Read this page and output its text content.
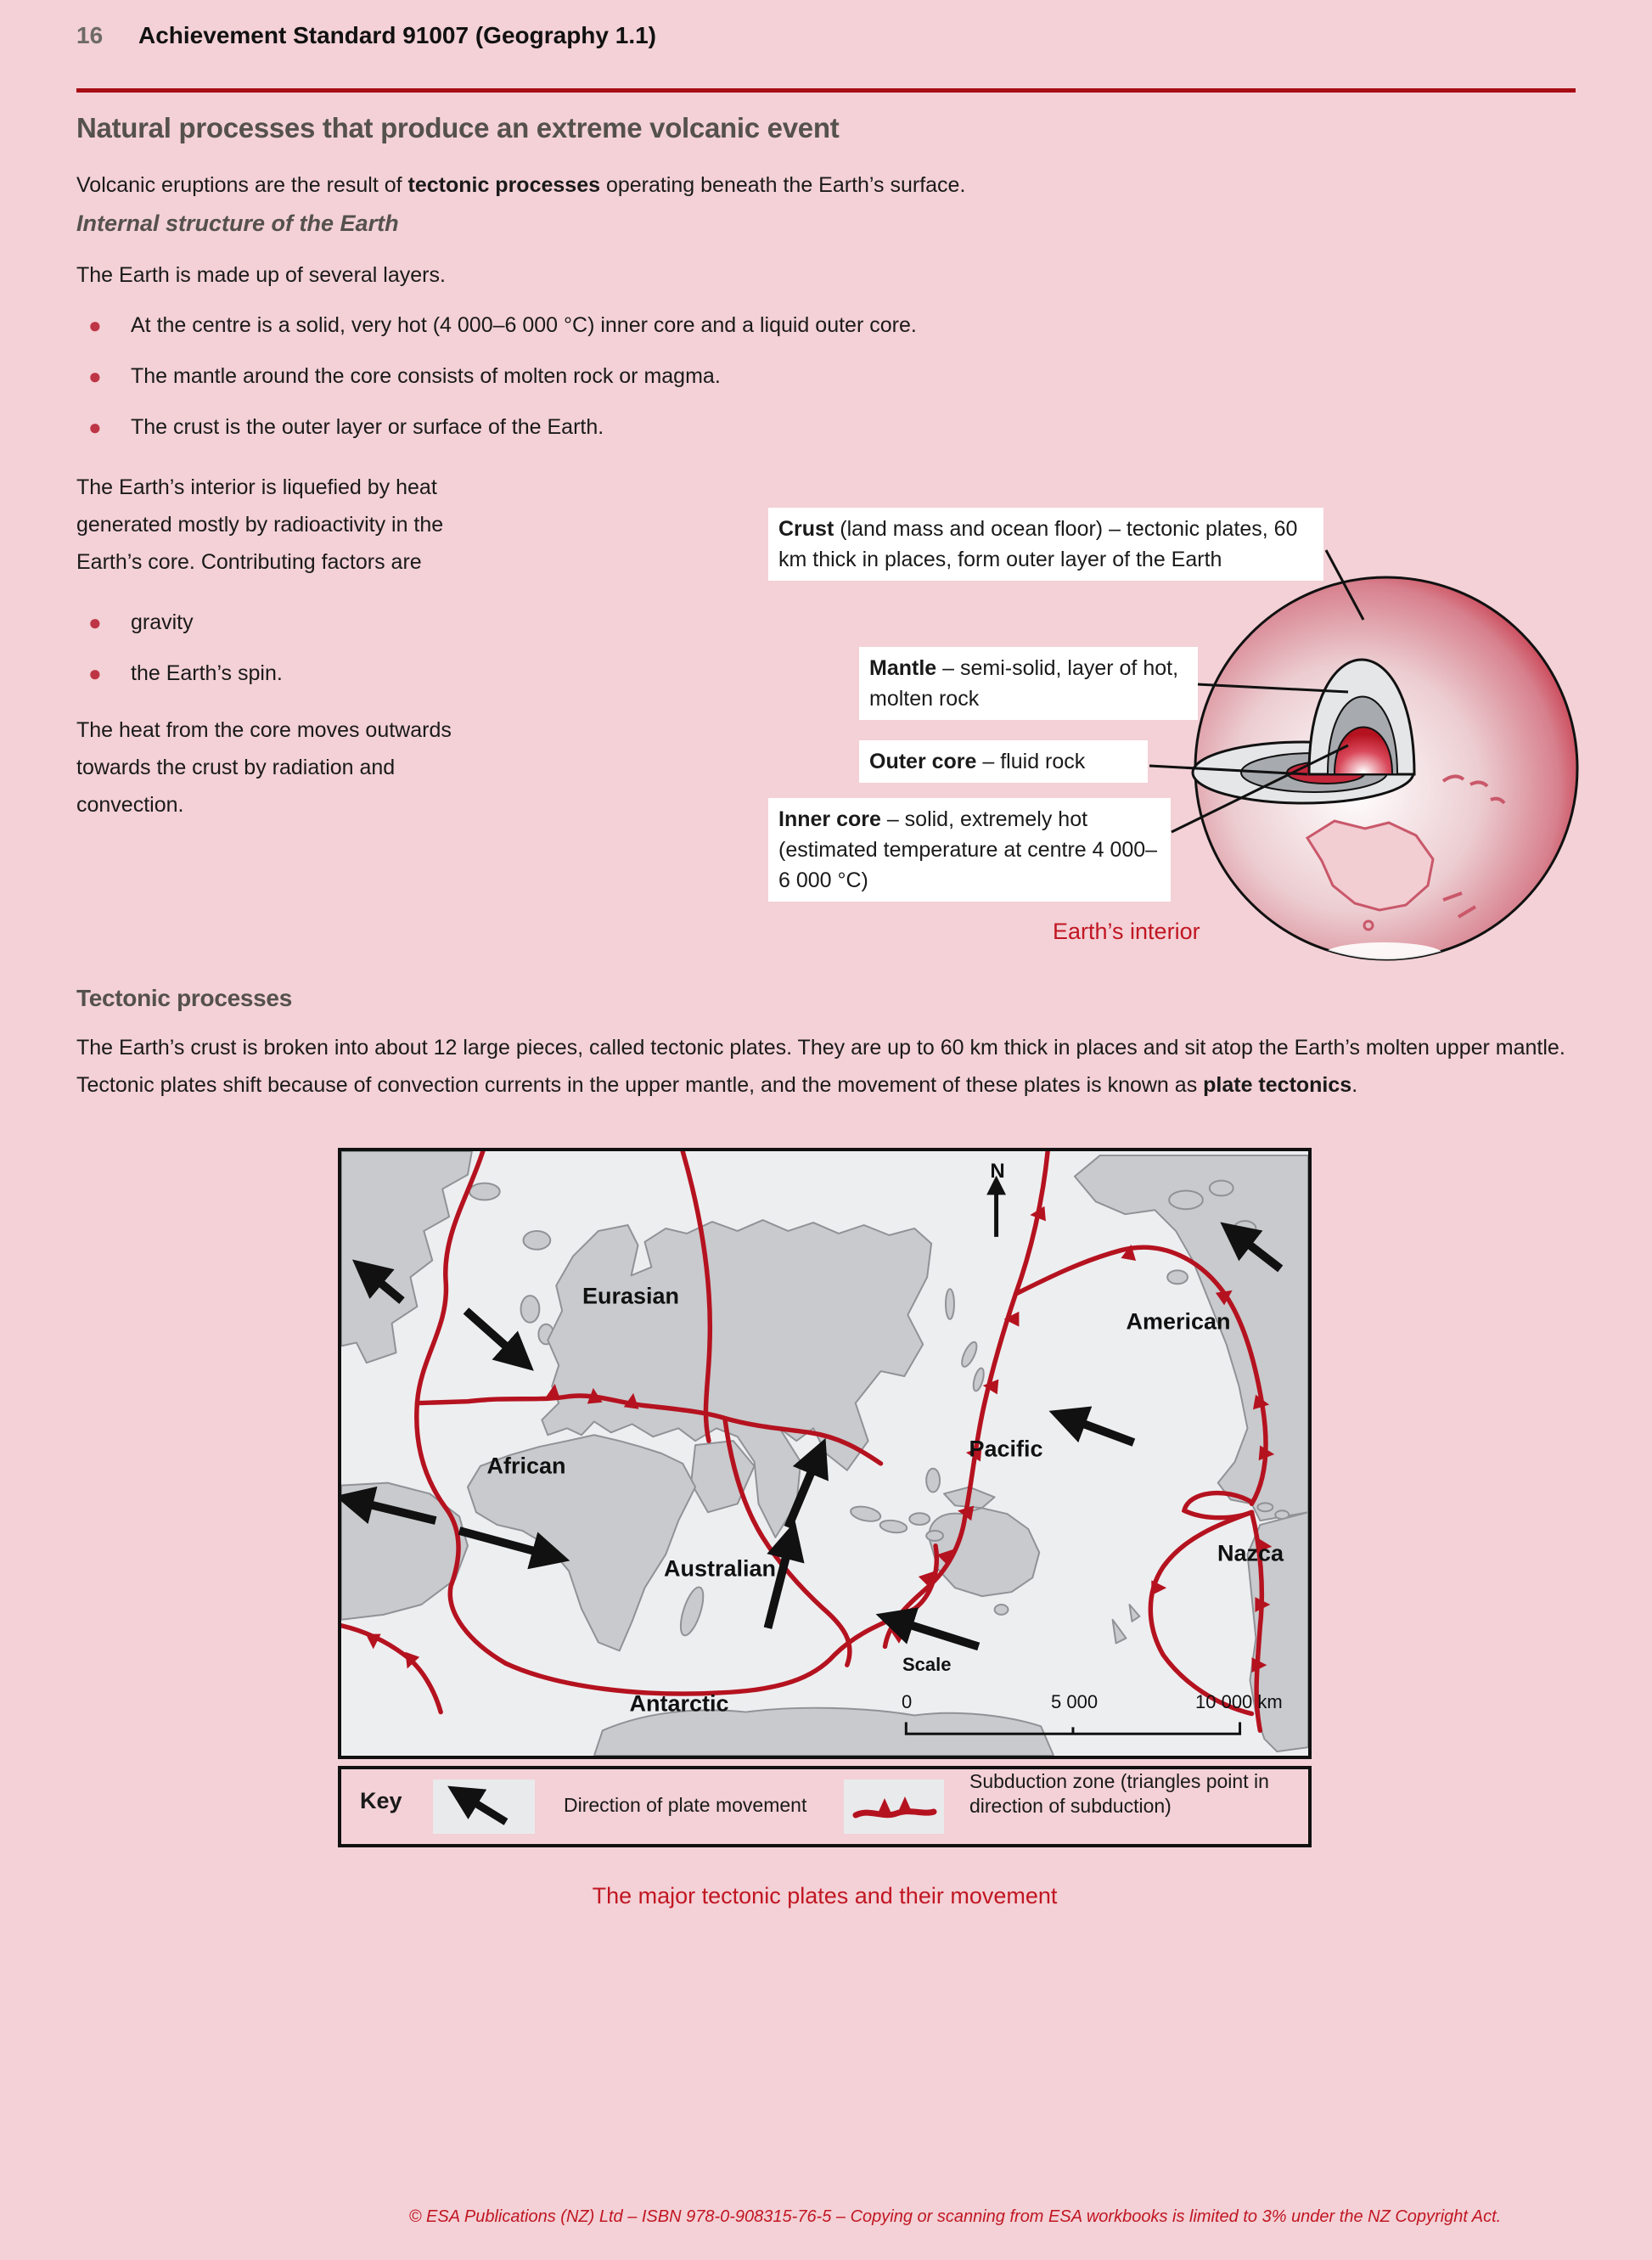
16 Achievement Standard 91007 (Geography 1.1)
Natural processes that produce an extreme volcanic event
Volcanic eruptions are the result of tectonic processes operating beneath the Earth’s surface.
Internal structure of the Earth
The Earth is made up of several layers.
● At the centre is a solid, very hot (4 000–6 000 °C) inner core and a liquid outer core.
● The mantle around the core consists of molten rock or magma.
● The crust is the outer layer or surface of the Earth.
The Earth’s interior is liquefied by heat generated mostly by radioactivity in the Earth’s core. Contributing factors are
● gravity
● the Earth’s spin.
The heat from the core moves outwards towards the crust by radiation and convection.
Crust (land mass and ocean floor) – tectonic plates, 60 km thick in places, form outer layer of the Earth
Mantle – semi-solid, layer of hot, molten rock
Outer core – fluid rock
Inner core – solid, extremely hot (estimated temperature at centre 4 000–6 000 °C)
Earth’s interior
Tectonic processes
The Earth’s crust is broken into about 12 large pieces, called tectonic plates. They are up to 60 km thick in places and sit atop the Earth’s molten upper mantle. Tectonic plates shift because of convection currents in the upper mantle, and the movement of these plates is known as plate tectonics.
Eurasian
American
African
Pacific
Australian
Nazca
Antarctic
N
Scale
0	5 000	10 000 km
Key	Direction of plate movement
Subduction zone (triangles point in direction of subduction)
The major tectonic plates and their movement
© ESA Publications (NZ) Ltd – ISBN 978-0-908315-76-5 – Copying or scanning from ESA workbooks is limited to 3% under the NZ Copyright Act.
